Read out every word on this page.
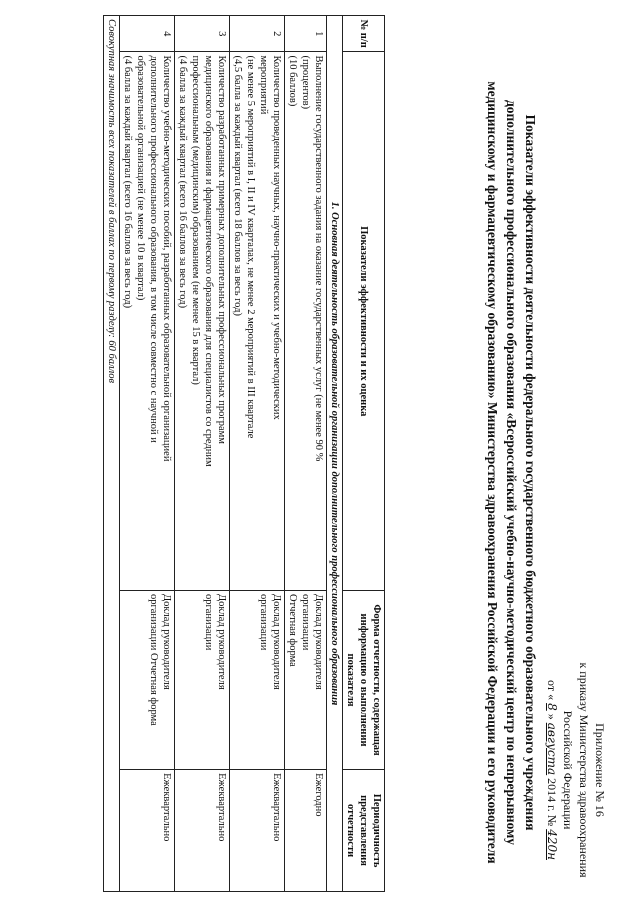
Приложение № 16
к приказу Министерства здравоохранения
Российской Федерации
от « 8 » августа 2014 г. № 420н
Показатели эффективности деятельности федерального государственного бюджетного образовательного учреждения дополнительного профессионального образования «Всероссийский учебно-научно-методический центр по непрерывному медицинскому и фармацевтическому образованию» Министерства здравоохранения Российской Федерации и его руководителя
№ п/п	Показатели эффективности и их оценка	Форма отчетности, содержащая информацию о выполнении показателя	Периодичность представления отчетности
1. Основная деятельность образовательной организации дополнительного профессионального образования			
1	Выполнение государственного задания на оказание государственных услуг (не менее 90 %
(процентов)
(10 баллов)	Доклад руководителя
организации
Отчетная форма	Ежегодно
2	Количество проведенных научных, научно-практических и учебно-методических
мероприятий
(не менее 5 мероприятий в I, II и IV кварталах, не менее 2 мероприятий в III квартале
(4,5 балла за каждый квартал (всего 18 баллов за весь год)	Доклад руководителя
организации	Ежеквартально
3	Количество разработанных примерных дополнительных профессиональных программ
медицинского образования и фармацевтического образования для специалистов со средним
профессиональным (медицинским) образованием (не менее 15 в квартал)
(4 балла за каждый квартал (всего 16 баллов за весь год)	Доклад руководителя
организации	Ежеквартально
4	Количество учебно-методических пособий, разработанных образовательной организацией
дополнительного профессионального образования, в том числе совместно с научной и
образовательной организацией (не менее 10 в квартал)
(4 балла за каждый квартал (всего 16 баллов за весь год)	Доклад руководителя
организации Отчетная форма	Ежеквартально
Совокупная значимость всех показателей в баллах по первому разделу: 60 баллов			
